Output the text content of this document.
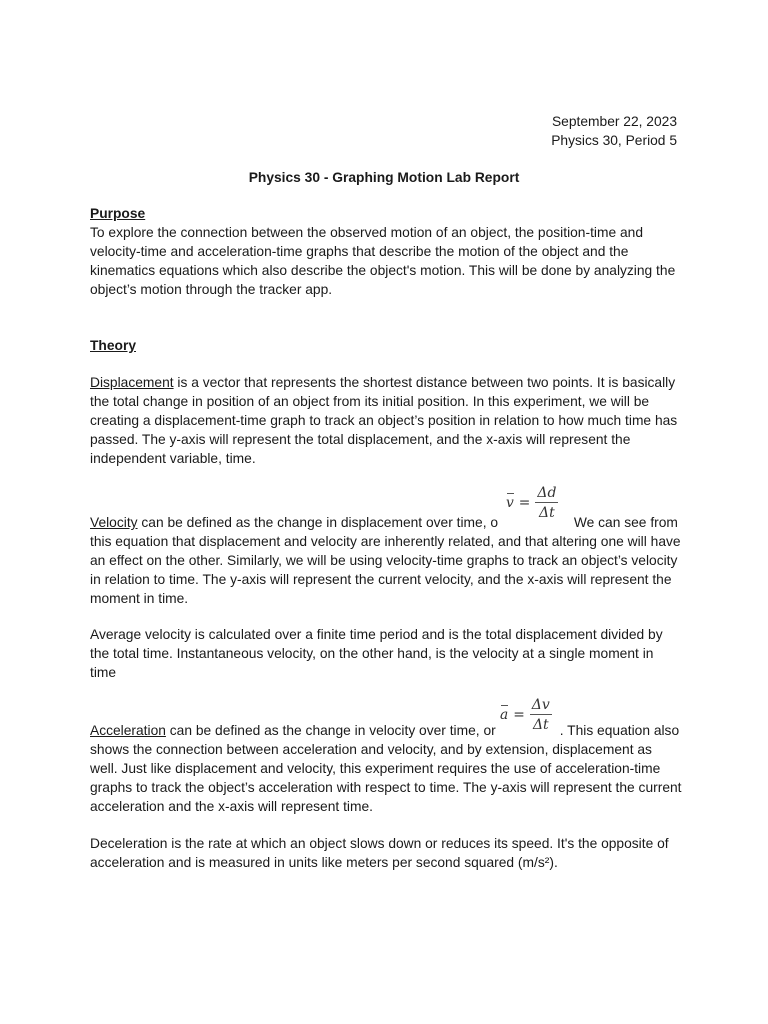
September 22, 2023
Physics 30, Period 5
Physics 30 - Graphing Motion Lab Report
Purpose
To explore the connection between the observed motion of an object, the position-time and velocity-time and acceleration-time graphs that describe the motion of the object and the kinematics equations which also describe the object's motion. This will be done by analyzing the object’s motion through the tracker app.
Theory

Displacement is a vector that represents the shortest distance between two points. It is basically the total change in position of an object from its initial position. In this experiment, we will be creating a displacement-time graph to track an object’s position in relation to how much time has passed. The y-axis will represent the total displacement, and the x-axis will represent the independent variable, time.

$v = \frac{\Delta d}{\Delta t}$

Velocity can be defined as the change in displacement over time, o	We can see from this equation that displacement and velocity are inherently related, and that altering one will have an effect on the other. Similarly, we will be using velocity-time graphs to track an object’s velocity in relation to time. The y-axis will represent the current velocity, and the x-axis will represent the moment in time.

Average velocity is calculated over a finite time period and is the total displacement divided by the total time. Instantaneous velocity, on the other hand, is the velocity at a single moment in time

$a = \frac{\Delta v}{\Delta t}$

Acceleration can be defined as the change in velocity over time, or	. This equation also shows the connection between acceleration and velocity, and by extension, displacement as well. Just like displacement and velocity, this experiment requires the use of acceleration-time graphs to track the object’s acceleration with respect to time. The y-axis will represent the current acceleration and the x-axis will represent time.

Deceleration is the rate at which an object slows down or reduces its speed. It's the opposite of acceleration and is measured in units like meters per second squared (m/s²).
